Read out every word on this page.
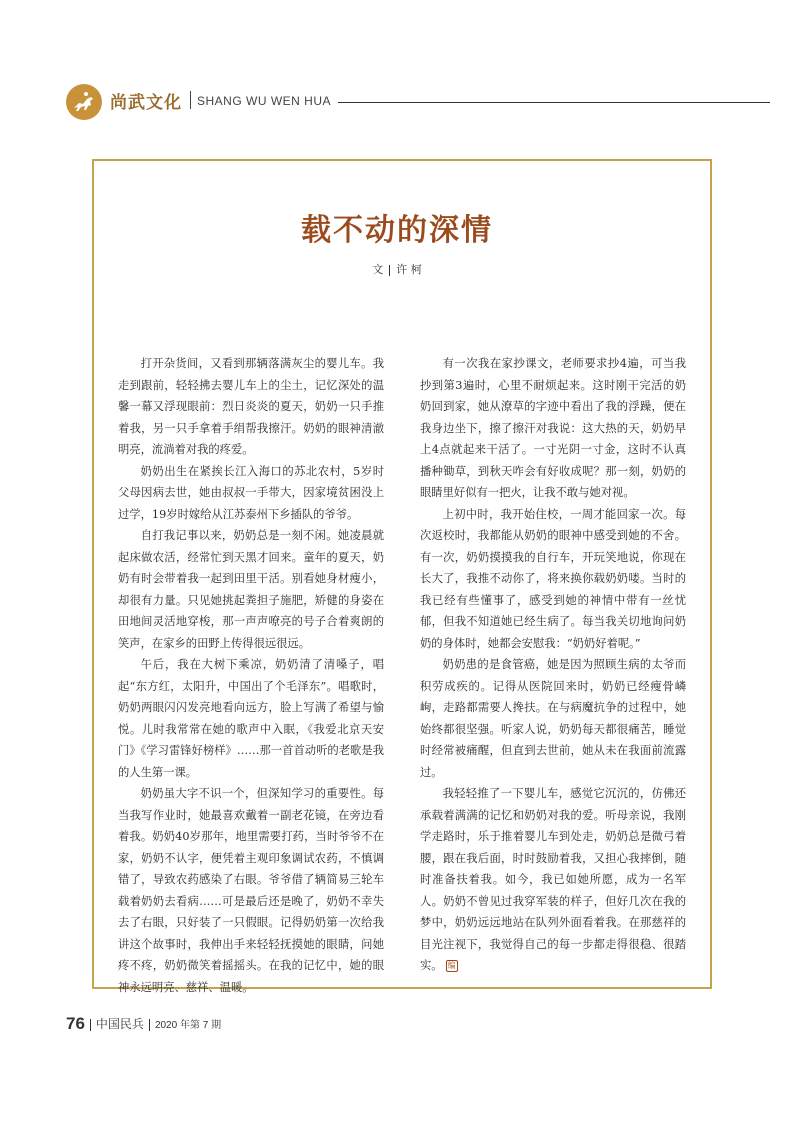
尚武文化 SHANG WU WEN HUA
载不动的深情
文 许 柯

打开杂货间，又看到那辆落满灰尘的婴儿车。我走到跟前，轻轻拂去婴儿车上的尘土，记忆深处的温馨一幕又浮现眼前：烈日炎炎的夏天，奶奶一只手推着我，另一只手拿着手绢帮我擦汗。奶奶的眼神清澈明亮，流淌着对我的疼爱。

奶奶出生在紧挨长江入海口的苏北农村，5岁时父母因病去世，她由叔叔一手带大，因家境贫困没上过学，19岁时嫁给从江苏泰州下乡插队的爷爷。

自打我记事以来，奶奶总是一刻不闲。她凌晨就起床做农活，经常忙到天黑才回来。童年的夏天，奶奶有时会带着我一起到田里干活。别看她身材瘦小，却很有力量。只见她挑起粪担子施肥，矫健的身姿在田地间灵活地穿梭，那一声声嘹亮的号子合着爽朗的笑声，在家乡的田野上传得很远很远。

午后，我在大树下乘凉，奶奶清了清嗓子，唱起“东方红，太阳升，中国出了个毛泽东”。唱歌时，奶奶两眼闪闪发亮地看向远方，脸上写满了希望与愉悦。儿时我常常在她的歌声中入眠，《我爱北京天安门》《学习雷锋好榜样》……那一首首动听的老歌是我的人生第一课。

奶奶虽大字不识一个，但深知学习的重要性。每当我写作业时，她最喜欢戴着一副老花镜，在旁边看着我。奶奶40岁那年，地里需要打药，当时爷爷不在家，奶奶不认字，便凭着主观印象调试农药，不慎调错了，导致农药感染了右眼。爷爷借了辆简易三轮车载着奶奶去看病……可是最后还是晚了，奶奶不幸失去了右眼，只好装了一只假眼。记得奶奶第一次给我讲这个故事时，我伸出手来轻轻抚摸她的眼睛，问她疼不疼，奶奶微笑着摇摇头。在我的记忆中，她的眼神永远明亮、慈祥、温暖。

有一次我在家抄课文，老师要求抄4遍，可当我抄到第3遍时，心里不耐烦起来。这时刚干完活的奶奶回到家，她从潦草的字迹中看出了我的浮躁，便在我身边坐下，擦了擦汗对我说：这大热的天，奶奶早上4点就起来干活了。一寸光阴一寸金，这时不认真播种锄草，到秋天咋会有好收成呢？那一刻，奶奶的眼睛里好似有一把火，让我不敢与她对视。

上初中时，我开始住校，一周才能回家一次。每次返校时，我都能从奶奶的眼神中感受到她的不舍。有一次，奶奶摸摸我的自行车，开玩笑地说，你现在长大了，我推不动你了，将来换你载奶奶喽。当时的我已经有些懂事了，感受到她的神情中带有一丝忧郁，但我不知道她已经生病了。每当我关切地询问奶奶的身体时，她都会安慰我：“奶奶好着呢。”

奶奶患的是食管癌，她是因为照顾生病的太爷而积劳成疾的。记得从医院回来时，奶奶已经瘦骨嶙峋，走路都需要人搀扶。在与病魔抗争的过程中，她始终都很坚强。听家人说，奶奶每天都很痛苦，睡觉时经常被痛醒，但直到去世前，她从未在我面前流露过。

我轻轻推了一下婴儿车，感觉它沉沉的，仿佛还承载着满满的记忆和奶奶对我的爱。听母亲说，我刚学走路时，乐于推着婴儿车到处走，奶奶总是微弓着腰，跟在我后面，时时鼓励着我，又担心我摔倒，随时准备扶着我。如今，我已如她所愿，成为一名军人。奶奶不曾见过我穿军装的样子，但好几次在我的梦中，奶奶远远地站在队列外面看着我。在那慈祥的目光注视下，我觉得自己的每一步都走得很稳、很踏实。 编

76 中国民兵 2020 年第 7 期
